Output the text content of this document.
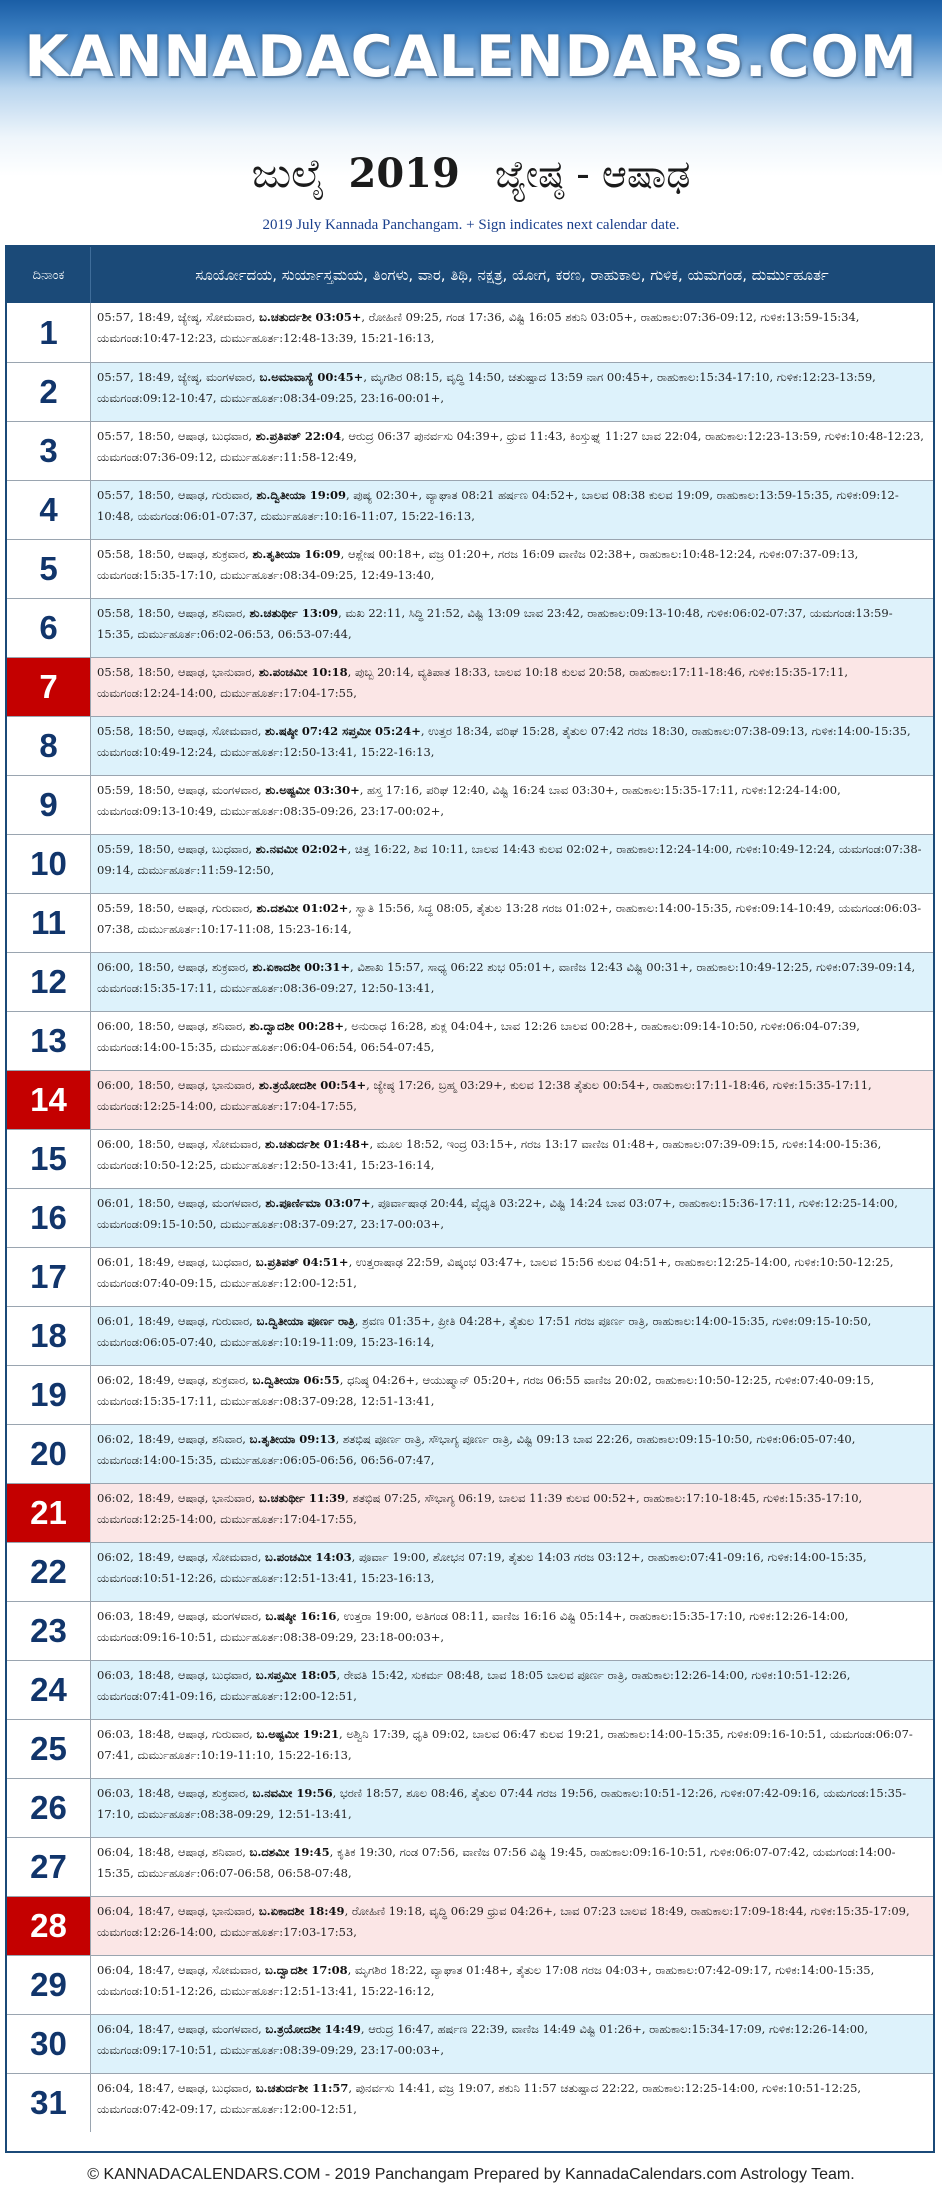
KANNADACALENDARS.COM
ಜುಲೈ 2019 ಜ್ಯೇಷ್ಠ - ಆಷಾಢ
2019 July Kannada Panchangam. + Sign indicates next calendar date.
ದಿನಾಂಕ	ಸೂರ್ಯೋದಯ, ಸುರ್ಯಾಸ್ತಮಯ, ತಿಂಗಳು, ವಾರ, ತಿಥಿ, ನಕ್ಷತ್ರ, ಯೋಗ, ಕರಣ, ರಾಹುಕಾಲ, ಗುಳಿಕ, ಯಮಗಂಡ, ದುರ್ಮುಹೂರ್ತ
1	05:57, 18:49, ಜ್ಯೇಷ್ಠ, ಸೋಮವಾರ, ಬ.ಚತುರ್ದಶೀ 03:05+, ರೋಹಿಣಿ 09:25, ಗಂಡ 17:36, ವಿಷ್ಟಿ 16:05 ಶಕುನಿ 03:05+, ರಾಹುಕಾಲ:07:36-09:12, ಗುಳಿಕ:13:59-15:34, ಯಮಗಂಡ:10:47-12:23, ದುರ್ಮುಹೂರ್ತ:12:48-13:39, 15:21-16:13,
2	05:57, 18:49, ಜ್ಯೇಷ್ಠ, ಮಂಗಳವಾರ, ಬ.ಅಮಾವಾಸ್ಯೆ 00:45+, ಮೃಗಶಿರ 08:15, ವೃದ್ಧಿ 14:50, ಚತುಷ್ಪಾದ 13:59 ನಾಗ 00:45+, ರಾಹುಕಾಲ:15:34-17:10, ಗುಳಿಕ:12:23-13:59, ಯಮಗಂಡ:09:12-10:47, ದುರ್ಮುಹೂರ್ತ:08:34-09:25, 23:16-00:01+,
3	05:57, 18:50, ಆಷಾಢ, ಬುಧವಾರ, ಶು.ಪ್ರತಿಪತ್ 22:04, ಆರುದ್ರ 06:37 ಪುನರ್ವಸು 04:39+, ಧ್ರುವ 11:43, ಕಿಂಸ್ತುಘ್ನ 11:27 ಬಾವ 22:04, ರಾಹುಕಾಲ:12:23-13:59, ಗುಳಿಕ:10:48-12:23, ಯಮಗಂಡ:07:36-09:12, ದುರ್ಮುಹೂರ್ತ:11:58-12:49,
4	05:57, 18:50, ಆಷಾಢ, ಗುರುವಾರ, ಶು.ದ್ವಿತೀಯಾ 19:09, ಪುಷ್ಯ 02:30+, ವ್ಯಾಘಾತ 08:21 ಹರ್ಷಣ 04:52+, ಬಾಲವ 08:38 ಕುಲವ 19:09, ರಾಹುಕಾಲ:13:59-15:35, ಗುಳಿಕ:09:12-10:48, ಯಮಗಂಡ:06:01-07:37, ದುರ್ಮುಹೂರ್ತ:10:16-11:07, 15:22-16:13,
5	05:58, 18:50, ಆಷಾಢ, ಶುಕ್ರವಾರ, ಶು.ತೃತೀಯಾ 16:09, ಆಶ್ಲೇಷ 00:18+, ವಜ್ರ 01:20+, ಗರಜ 16:09 ವಾಣಿಜ 02:38+, ರಾಹುಕಾಲ:10:48-12:24, ಗುಳಿಕ:07:37-09:13, ಯಮಗಂಡ:15:35-17:10, ದುರ್ಮುಹೂರ್ತ:08:34-09:25, 12:49-13:40,
6	05:58, 18:50, ಆಷಾಢ, ಶನಿವಾರ, ಶು.ಚತುರ್ಥೀ 13:09, ಮಖ 22:11, ಸಿದ್ಧಿ 21:52, ವಿಷ್ಟಿ 13:09 ಬಾವ 23:42, ರಾಹುಕಾಲ:09:13-10:48, ಗುಳಿಕ:06:02-07:37, ಯಮಗಂಡ:13:59-15:35, ದುರ್ಮುಹೂರ್ತ:06:02-06:53, 06:53-07:44,
7	05:58, 18:50, ಆಷಾಢ, ಭಾನುವಾರ, ಶು.ಪಂಚಮೀ 10:18, ಪುಬ್ಬ 20:14, ವ್ಯತಿಪಾತ 18:33, ಬಾಲವ 10:18 ಕುಲವ 20:58, ರಾಹುಕಾಲ:17:11-18:46, ಗುಳಿಕ:15:35-17:11, ಯಮಗಂಡ:12:24-14:00, ದುರ್ಮುಹೂರ್ತ:17:04-17:55,
8	05:58, 18:50, ಆಷಾಢ, ಸೋಮವಾರ, ಶು.ಷಷ್ಠೀ 07:42 ಸಪ್ತಮೀ 05:24+, ಉತ್ತರ 18:34, ವರಿಘ 15:28, ತೈತುಲ 07:42 ಗರಜ 18:30, ರಾಹುಕಾಲ:07:38-09:13, ಗುಳಿಕ:14:00-15:35, ಯಮಗಂಡ:10:49-12:24, ದುರ್ಮುಹೂರ್ತ:12:50-13:41, 15:22-16:13,
9	05:59, 18:50, ಆಷಾಢ, ಮಂಗಳವಾರ, ಶು.ಅಷ್ಟಮೀ 03:30+, ಹಸ್ತ 17:16, ಪರಿಘ 12:40, ವಿಷ್ಟಿ 16:24 ಬಾವ 03:30+, ರಾಹುಕಾಲ:15:35-17:11, ಗುಳಿಕ:12:24-14:00, ಯಮಗಂಡ:09:13-10:49, ದುರ್ಮುಹೂರ್ತ:08:35-09:26, 23:17-00:02+,
10	05:59, 18:50, ಆಷಾಢ, ಬುಧವಾರ, ಶು.ನವಮೀ 02:02+, ಚಿತ್ತ 16:22, ಶಿವ 10:11, ಬಾಲವ 14:43 ಕುಲವ 02:02+, ರಾಹುಕಾಲ:12:24-14:00, ಗುಳಿಕ:10:49-12:24, ಯಮಗಂಡ:07:38-09:14, ದುರ್ಮುಹೂರ್ತ:11:59-12:50,
11	05:59, 18:50, ಆಷಾಢ, ಗುರುವಾರ, ಶು.ದಶಮೀ 01:02+, ಸ್ವಾತಿ 15:56, ಸಿದ್ಧ 08:05, ತೈತುಲ 13:28 ಗರಜ 01:02+, ರಾಹುಕಾಲ:14:00-15:35, ಗುಳಿಕ:09:14-10:49, ಯಮಗಂಡ:06:03-07:38, ದುರ್ಮುಹೂರ್ತ:10:17-11:08, 15:23-16:14,
12	06:00, 18:50, ಆಷಾಢ, ಶುಕ್ರವಾರ, ಶು.ಏಕಾದಶೀ 00:31+, ವಿಶಾಖ 15:57, ಸಾಧ್ಯ 06:22 ಶುಭ 05:01+, ವಾಣಿಜ 12:43 ವಿಷ್ಟಿ 00:31+, ರಾಹುಕಾಲ:10:49-12:25, ಗುಳಿಕ:07:39-09:14, ಯಮಗಂಡ:15:35-17:11, ದುರ್ಮುಹೂರ್ತ:08:36-09:27, 12:50-13:41,
13	06:00, 18:50, ಆಷಾಢ, ಶನಿವಾರ, ಶು.ದ್ವಾದಶೀ 00:28+, ಅನುರಾಧ 16:28, ಶುಕ್ಲ 04:04+, ಬಾವ 12:26 ಬಾಲವ 00:28+, ರಾಹುಕಾಲ:09:14-10:50, ಗುಳಿಕ:06:04-07:39, ಯಮಗಂಡ:14:00-15:35, ದುರ್ಮುಹೂರ್ತ:06:04-06:54, 06:54-07:45,
14	06:00, 18:50, ಆಷಾಢ, ಭಾನುವಾರ, ಶು.ತ್ರಯೋದಶೀ 00:54+, ಜ್ಯೇಷ್ಠ 17:26, ಬ್ರಹ್ಮ 03:29+, ಕುಲವ 12:38 ತೈತುಲ 00:54+, ರಾಹುಕಾಲ:17:11-18:46, ಗುಳಿಕ:15:35-17:11, ಯಮಗಂಡ:12:25-14:00, ದುರ್ಮುಹೂರ್ತ:17:04-17:55,
15	06:00, 18:50, ಆಷಾಢ, ಸೋಮವಾರ, ಶು.ಚತುರ್ದಶೀ 01:48+, ಮೂಲ 18:52, ಇಂದ್ರ 03:15+, ಗರಜ 13:17 ವಾಣಿಜ 01:48+, ರಾಹುಕಾಲ:07:39-09:15, ಗುಳಿಕ:14:00-15:36, ಯಮಗಂಡ:10:50-12:25, ದುರ್ಮುಹೂರ್ತ:12:50-13:41, 15:23-16:14,
16	06:01, 18:50, ಆಷಾಢ, ಮಂಗಳವಾರ, ಶು.ಪೂರ್ಣಿಮಾ 03:07+, ಪೂರ್ವಾಷಾಢ 20:44, ವೈಧೃತಿ 03:22+, ವಿಷ್ಟಿ 14:24 ಬಾವ 03:07+, ರಾಹುಕಾಲ:15:36-17:11, ಗುಳಿಕ:12:25-14:00, ಯಮಗಂಡ:09:15-10:50, ದುರ್ಮುಹೂರ್ತ:08:37-09:27, 23:17-00:03+,
17	06:01, 18:49, ಆಷಾಢ, ಬುಧವಾರ, ಬ.ಪ್ರತಿಪತ್ 04:51+, ಉತ್ತರಾಷಾಢ 22:59, ವಿಷ್ಕಂಭ 03:47+, ಬಾಲವ 15:56 ಕುಲವ 04:51+, ರಾಹುಕಾಲ:12:25-14:00, ಗುಳಿಕ:10:50-12:25, ಯಮಗಂಡ:07:40-09:15, ದುರ್ಮುಹೂರ್ತ:12:00-12:51,
18	06:01, 18:49, ಆಷಾಢ, ಗುರುವಾರ, ಬ.ದ್ವಿತೀಯಾ ಪೂರ್ಣ ರಾತ್ರಿ, ಶ್ರವಣ 01:35+, ಪ್ರೀತಿ 04:28+, ತೈತುಲ 17:51 ಗರಜ ಪೂರ್ಣ ರಾತ್ರಿ, ರಾಹುಕಾಲ:14:00-15:35, ಗುಳಿಕ:09:15-10:50, ಯಮಗಂಡ:06:05-07:40, ದುರ್ಮುಹೂರ್ತ:10:19-11:09, 15:23-16:14,
19	06:02, 18:49, ಆಷಾಢ, ಶುಕ್ರವಾರ, ಬ.ದ್ವಿತೀಯಾ 06:55, ಧನಿಷ್ಠ 04:26+, ಆಯುಷ್ಮಾನ್ 05:20+, ಗರಜ 06:55 ವಾಣಿಜ 20:02, ರಾಹುಕಾಲ:10:50-12:25, ಗುಳಿಕ:07:40-09:15, ಯಮಗಂಡ:15:35-17:11, ದುರ್ಮುಹೂರ್ತ:08:37-09:28, 12:51-13:41,
20	06:02, 18:49, ಆಷಾಢ, ಶನಿವಾರ, ಬ.ತೃತೀಯಾ 09:13, ಶತಭಿಷ ಪೂರ್ಣ ರಾತ್ರಿ, ಸೌಭಾಗ್ಯ ಪೂರ್ಣ ರಾತ್ರಿ, ವಿಷ್ಟಿ 09:13 ಬಾವ 22:26, ರಾಹುಕಾಲ:09:15-10:50, ಗುಳಿಕ:06:05-07:40, ಯಮಗಂಡ:14:00-15:35, ದುರ್ಮುಹೂರ್ತ:06:05-06:56, 06:56-07:47,
21	06:02, 18:49, ಆಷಾಢ, ಭಾನುವಾರ, ಬ.ಚತುರ್ಥೀ 11:39, ಶತಭಿಷ 07:25, ಸೌಭಾಗ್ಯ 06:19, ಬಾಲವ 11:39 ಕುಲವ 00:52+, ರಾಹುಕಾಲ:17:10-18:45, ಗುಳಿಕ:15:35-17:10, ಯಮಗಂಡ:12:25-14:00, ದುರ್ಮುಹೂರ್ತ:17:04-17:55,
22	06:02, 18:49, ಆಷಾಢ, ಸೋಮವಾರ, ಬ.ಪಂಚಮೀ 14:03, ಪೂರ್ವಾ 19:00, ಶೋಭನ 07:19, ತೈತುಲ 14:03 ಗರಜ 03:12+, ರಾಹುಕಾಲ:07:41-09:16, ಗುಳಿಕ:14:00-15:35, ಯಮಗಂಡ:10:51-12:26, ದುರ್ಮುಹೂರ್ತ:12:51-13:41, 15:23-16:13,
23	06:03, 18:49, ಆಷಾಢ, ಮಂಗಳವಾರ, ಬ.ಷಷ್ಠೀ 16:16, ಉತ್ತರಾ 19:00, ಅತಿಗಂಡ 08:11, ವಾಣಿಜ 16:16 ವಿಷ್ಟಿ 05:14+, ರಾಹುಕಾಲ:15:35-17:10, ಗುಳಿಕ:12:26-14:00, ಯಮಗಂಡ:09:16-10:51, ದುರ್ಮುಹೂರ್ತ:08:38-09:29, 23:18-00:03+,
24	06:03, 18:48, ಆಷಾಢ, ಬುಧವಾರ, ಬ.ಸಪ್ತಮೀ 18:05, ರೇವತಿ 15:42, ಸುಕರ್ಮ 08:48, ಬಾವ 18:05 ಬಾಲವ ಪೂರ್ಣ ರಾತ್ರಿ, ರಾಹುಕಾಲ:12:26-14:00, ಗುಳಿಕ:10:51-12:26, ಯಮಗಂಡ:07:41-09:16, ದುರ್ಮುಹೂರ್ತ:12:00-12:51,
25	06:03, 18:48, ಆಷಾಢ, ಗುರುವಾರ, ಬ.ಅಷ್ಟಮೀ 19:21, ಅಶ್ವಿನಿ 17:39, ಧೃತಿ 09:02, ಬಾಲವ 06:47 ಕುಲವ 19:21, ರಾಹುಕಾಲ:14:00-15:35, ಗುಳಿಕ:09:16-10:51, ಯಮಗಂಡ:06:07-07:41, ದುರ್ಮುಹೂರ್ತ:10:19-11:10, 15:22-16:13,
26	06:03, 18:48, ಆಷಾಢ, ಶುಕ್ರವಾರ, ಬ.ನವಮೀ 19:56, ಭರಣಿ 18:57, ಶೂಲ 08:46, ತೈತುಲ 07:44 ಗರಜ 19:56, ರಾಹುಕಾಲ:10:51-12:26, ಗುಳಿಕ:07:42-09:16, ಯಮಗಂಡ:15:35-17:10, ದುರ್ಮುಹೂರ್ತ:08:38-09:29, 12:51-13:41,
27	06:04, 18:48, ಆಷಾಢ, ಶನಿವಾರ, ಬ.ದಶಮೀ 19:45, ಕೃತಿಕ 19:30, ಗಂಡ 07:56, ವಾಣಿಜ 07:56 ವಿಷ್ಟಿ 19:45, ರಾಹುಕಾಲ:09:16-10:51, ಗುಳಿಕ:06:07-07:42, ಯಮಗಂಡ:14:00-15:35, ದುರ್ಮುಹೂರ್ತ:06:07-06:58, 06:58-07:48,
28	06:04, 18:47, ಆಷಾಢ, ಭಾನುವಾರ, ಬ.ಏಕಾದಶೀ 18:49, ರೋಹಿಣಿ 19:18, ವೃದ್ಧಿ 06:29 ಧ್ರುವ 04:26+, ಬಾವ 07:23 ಬಾಲವ 18:49, ರಾಹುಕಾಲ:17:09-18:44, ಗುಳಿಕ:15:35-17:09, ಯಮಗಂಡ:12:26-14:00, ದುರ್ಮುಹೂರ್ತ:17:03-17:53,
29	06:04, 18:47, ಆಷಾಢ, ಸೋಮವಾರ, ಬ.ದ್ವಾದಶೀ 17:08, ಮೃಗಶಿರ 18:22, ವ್ಯಾಘಾತ 01:48+, ತೈತುಲ 17:08 ಗರಜ 04:03+, ರಾಹುಕಾಲ:07:42-09:17, ಗುಳಿಕ:14:00-15:35, ಯಮಗಂಡ:10:51-12:26, ದುರ್ಮುಹೂರ್ತ:12:51-13:41, 15:22-16:12,
30	06:04, 18:47, ಆಷಾಢ, ಮಂಗಳವಾರ, ಬ.ತ್ರಯೋದಶೀ 14:49, ಆರುದ್ರ 16:47, ಹರ್ಷಣ 22:39, ವಾಣಿಜ 14:49 ವಿಷ್ಟಿ 01:26+, ರಾಹುಕಾಲ:15:34-17:09, ಗುಳಿಕ:12:26-14:00, ಯಮಗಂಡ:09:17-10:51, ದುರ್ಮುಹೂರ್ತ:08:39-09:29, 23:17-00:03+,
31	06:04, 18:47, ಆಷಾಢ, ಬುಧವಾರ, ಬ.ಚತುರ್ದಶೀ 11:57, ಪುನರ್ವಸು 14:41, ವಜ್ರ 19:07, ಶಕುನಿ 11:57 ಚತುಷ್ಪಾದ 22:22, ರಾಹುಕಾಲ:12:25-14:00, ಗುಳಿಕ:10:51-12:25, ಯಮಗಂಡ:07:42-09:17, ದುರ್ಮುಹೂರ್ತ:12:00-12:51,
© KANNADACALENDARS.COM - 2019 Panchangam Prepared by KannadaCalendars.com Astrology Team.
